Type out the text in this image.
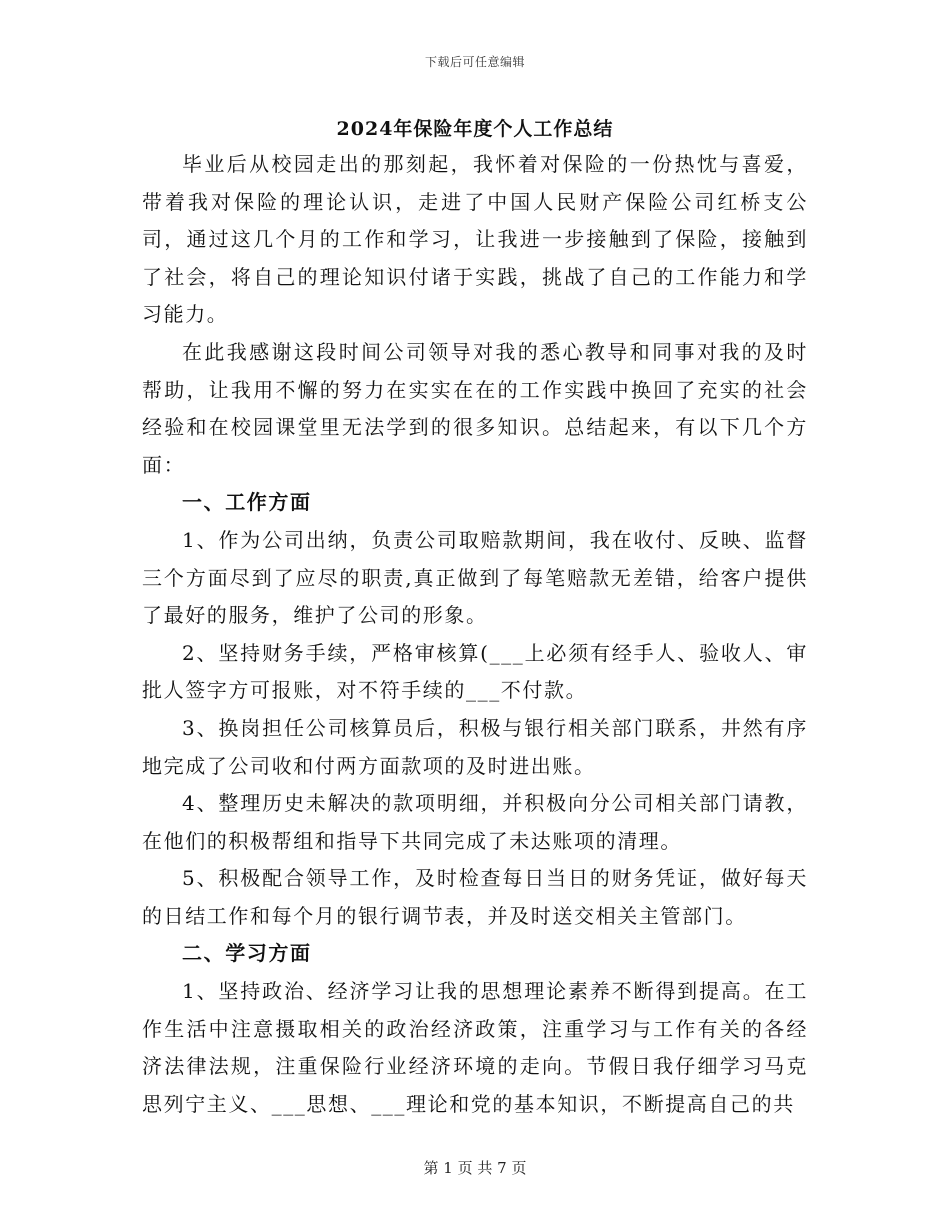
下载后可任意编辑
2024年保险年度个人工作总结

毕业后从校园走出的那刻起，我怀着对保险的一份热忱与喜爱，带着我对保险的理论认识，走进了中国人民财产保险公司红桥支公司，通过这几个月的工作和学习，让我进一步接触到了保险，接触到了社会，将自己的理论知识付诸于实践，挑战了自己的工作能力和学习能力。

在此我感谢这段时间公司领导对我的悉心教导和同事对我的及时帮助，让我用不懈的努力在实实在在的工作实践中换回了充实的社会经验和在校园课堂里无法学到的很多知识。总结起来，有以下几个方面：

一、工作方面

1、作为公司出纳，负责公司取赔款期间，我在收付、反映、监督三个方面尽到了应尽的职责,真正做到了每笔赔款无差错，给客户提供了最好的服务，维护了公司的形象。

2、坚持财务手续，严格审核算(___上必须有经手人、验收人、审批人签字方可报账，对不符手续的___不付款。

3、换岗担任公司核算员后，积极与银行相关部门联系，井然有序地完成了公司收和付两方面款项的及时进出账。

4、整理历史未解决的款项明细，并积极向分公司相关部门请教，在他们的积极帮组和指导下共同完成了未达账项的清理。

5、积极配合领导工作，及时检查每日当日的财务凭证，做好每天的日结工作和每个月的银行调节表，并及时送交相关主管部门。

二、学习方面

1、坚持政治、经济学习让我的思想理论素养不断得到提高。在工作生活中注意摄取相关的政治经济政策，注重学习与工作有关的各经济法律法规，注重保险行业经济环境的走向。节假日我仔细学习马克思列宁主义、___思想、___理论和党的基本知识，不断提高自己的共

第 1 页 共 7 页
